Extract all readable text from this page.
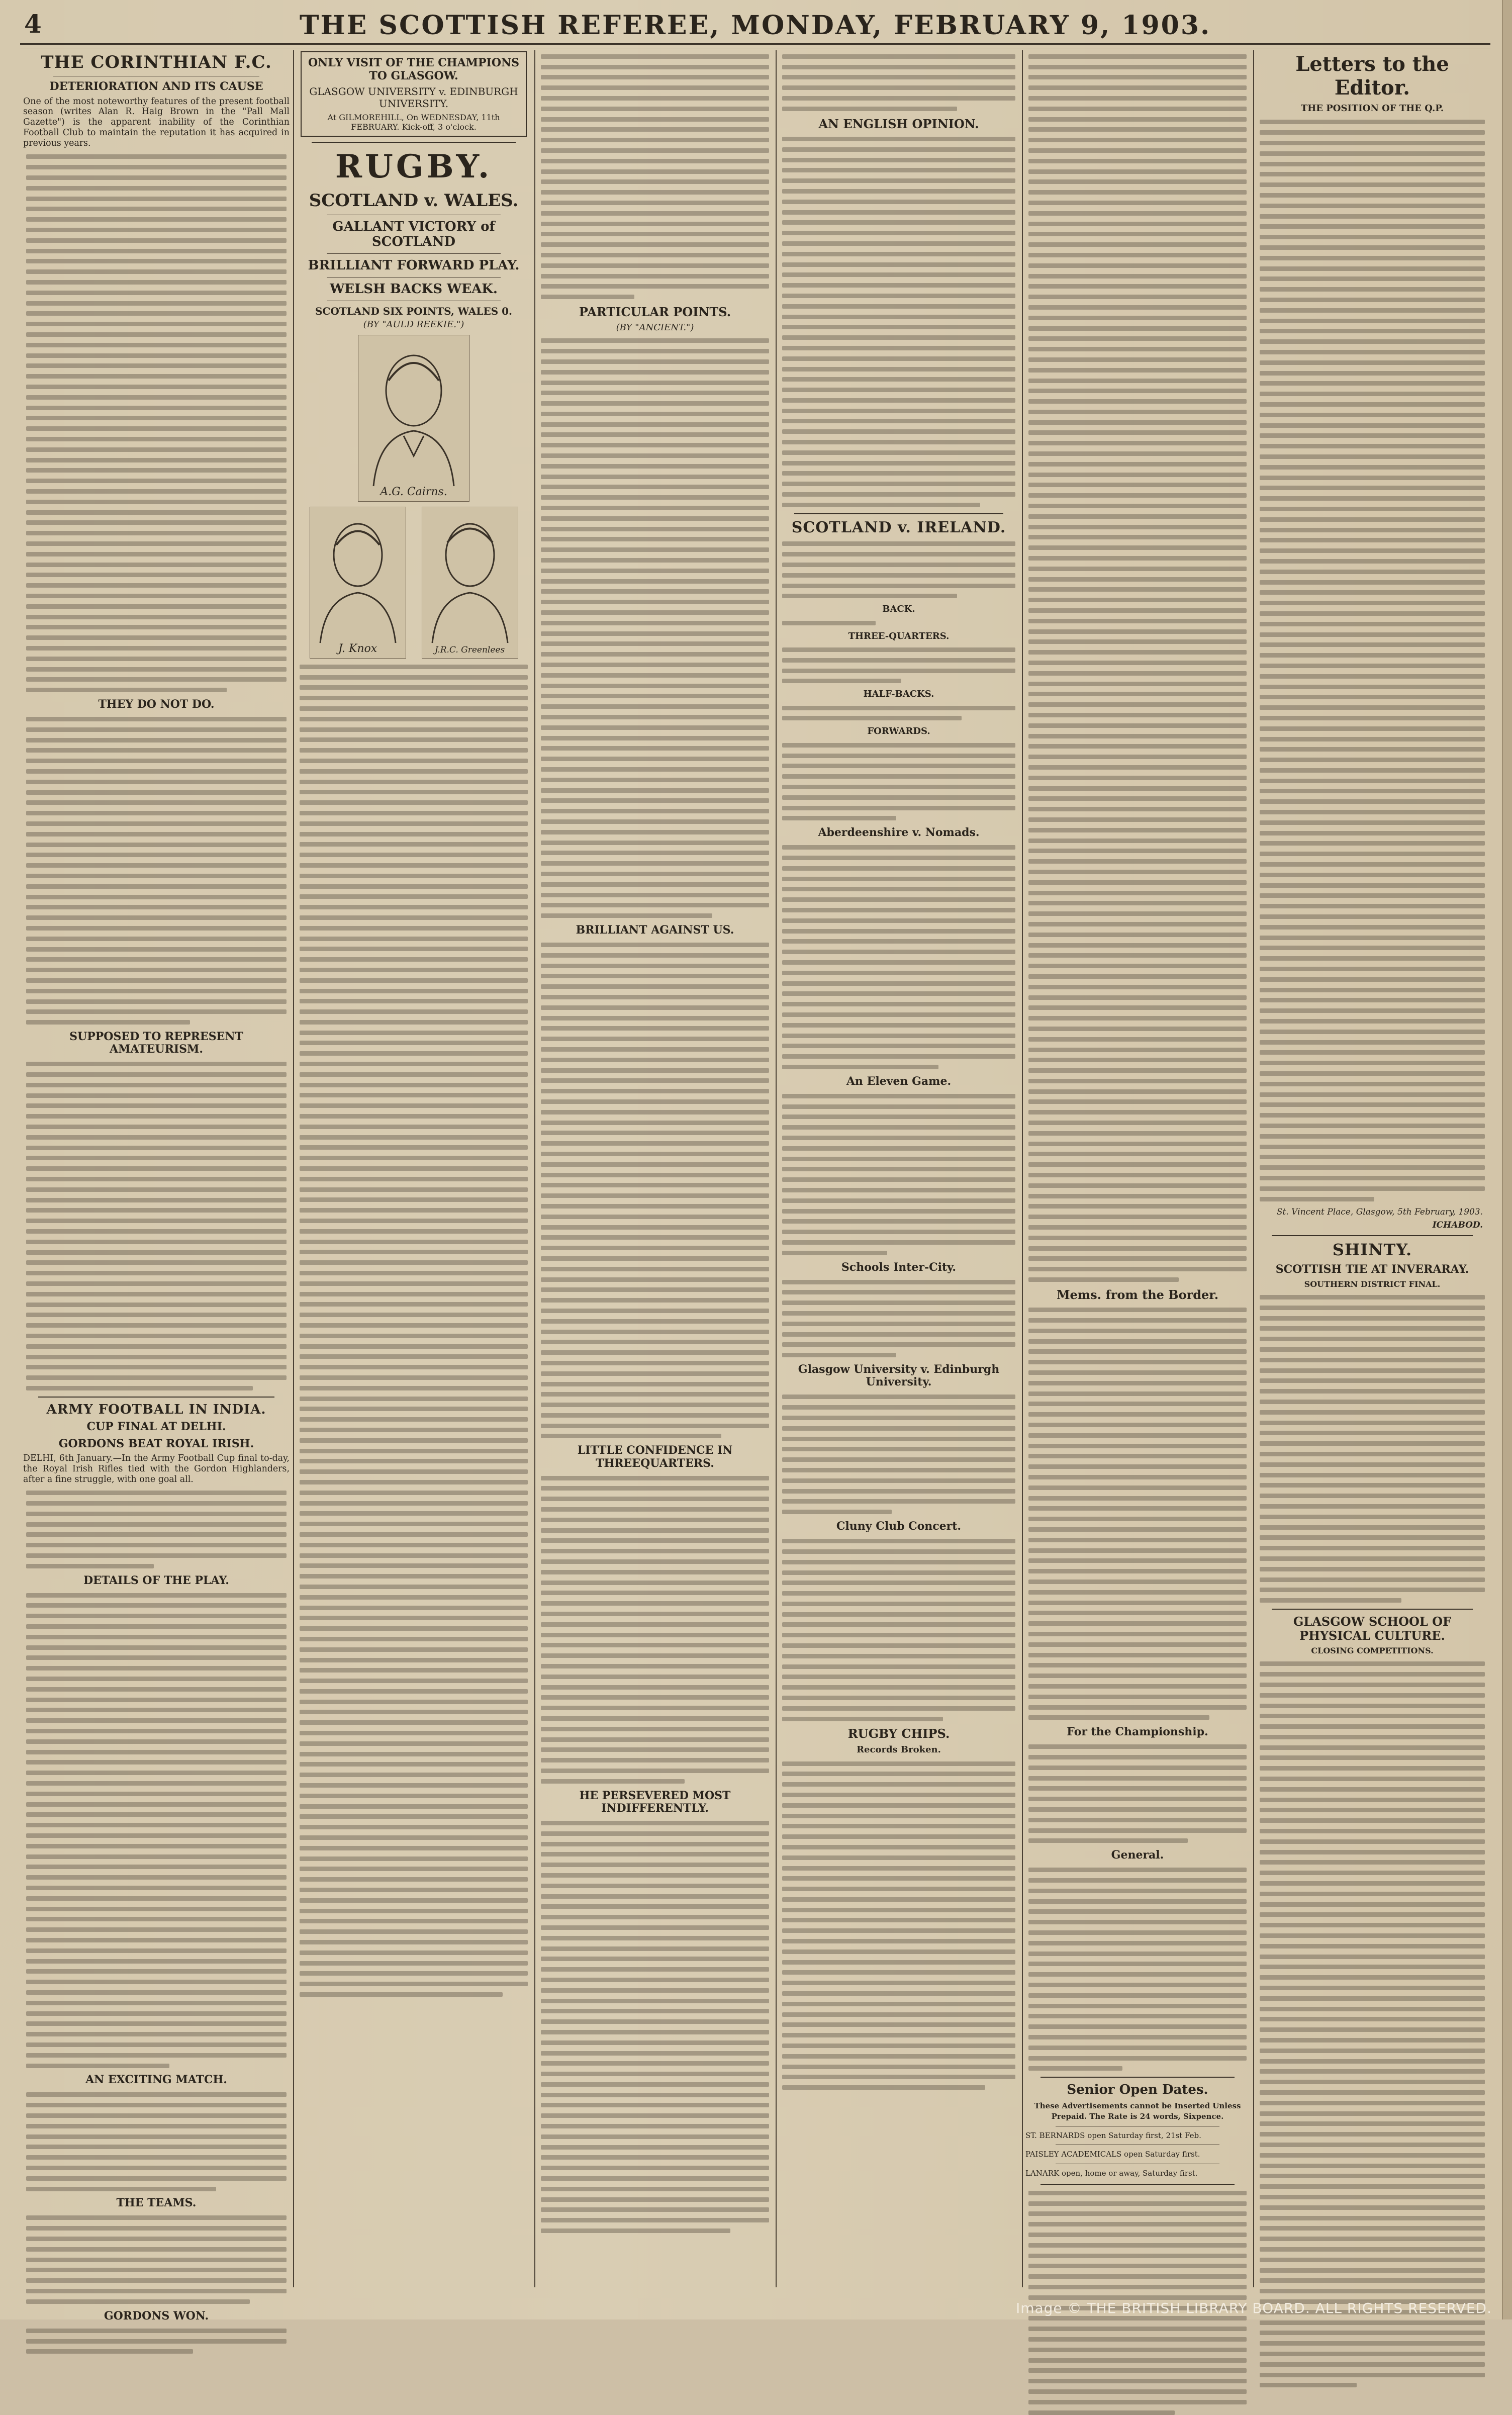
4	THE SCOTTISH REFEREE, MONDAY, FEBRUARY 9, 1903.
THE CORINTHIAN F.C.
DETERIORATION AND ITS CAUSE

One of the most noteworthy features of the present football season (writes Alan R. Haig Brown in the "Pall Mall Gazette") is the apparent inability of the Corinthian Football Club to maintain the reputation it has acquired in previous years.

THEY DO NOT DO.
SUPPOSED TO REPRESENT AMATEURISM.
ARMY FOOTBALL IN INDIA.
CUP FINAL AT DELHI.
GORDONS BEAT ROYAL IRISH.

DELHI, 6th January.—In the Army Football Cup final to-day, the Royal Irish Rifles tied with the Gordon Highlanders, after a fine struggle, with one goal all.

DETAILS OF THE PLAY.
AN EXCITING MATCH.
THE TEAMS.
GORDONS WON.
ONLY VISIT OF THE CHAMPIONS TO GLASGOW.
GLASGOW UNIVERSITY v. EDINBURGH UNIVERSITY.
At GILMOREHILL, On WEDNESDAY, 11th FEBRUARY. Kick-off, 3 o'clock.
RUGBY.
SCOTLAND v. WALES.
GALLANT VICTORY of SCOTLAND
BRILLIANT FORWARD PLAY.
WELSH BACKS WEAK.
SCOTLAND SIX POINTS, WALES 0.
(BY "AULD REEKIE.")
A.G. Cairns.
J. Knox	J.R.C. Greenlees
PARTICULAR POINTS.
(BY "ANCIENT.")
BRILLIANT AGAINST US.
LITTLE CONFIDENCE IN THREEQUARTERS.
HE PERSEVERED MOST INDIFFERENTLY.
AN ENGLISH OPINION.
SCOTLAND v. IRELAND.
BACK.
THREE-QUARTERS.
HALF-BACKS.
FORWARDS.
Aberdeenshire v. Nomads.
An Eleven Game.
Schools Inter-City.
Glasgow University v. Edinburgh University.
Cluny Club Concert.
RUGBY CHIPS.
Records Broken.
Mems. from the Border.
For the Championship.
General.
Senior Open Dates.

These Advertisements cannot be Inserted Unless Prepaid. The Rate is 24 words, Sixpence.

ST. BERNARDS open Saturday first, 21st Feb.

PAISLEY ACADEMICALS open Saturday first.

LANARK open, home or away, Saturday first.

Letters to the Editor.
THE POSITION OF THE Q.P.
St. Vincent Place, Glasgow, 5th February, 1903.
ICHABOD.
SHINTY.
SCOTTISH TIE AT INVERARAY.
SOUTHERN DISTRICT FINAL.
GLASGOW SCHOOL OF PHYSICAL CULTURE.
CLOSING COMPETITIONS.
Image © THE BRITISH LIBRARY BOARD. ALL RIGHTS RESERVED.
